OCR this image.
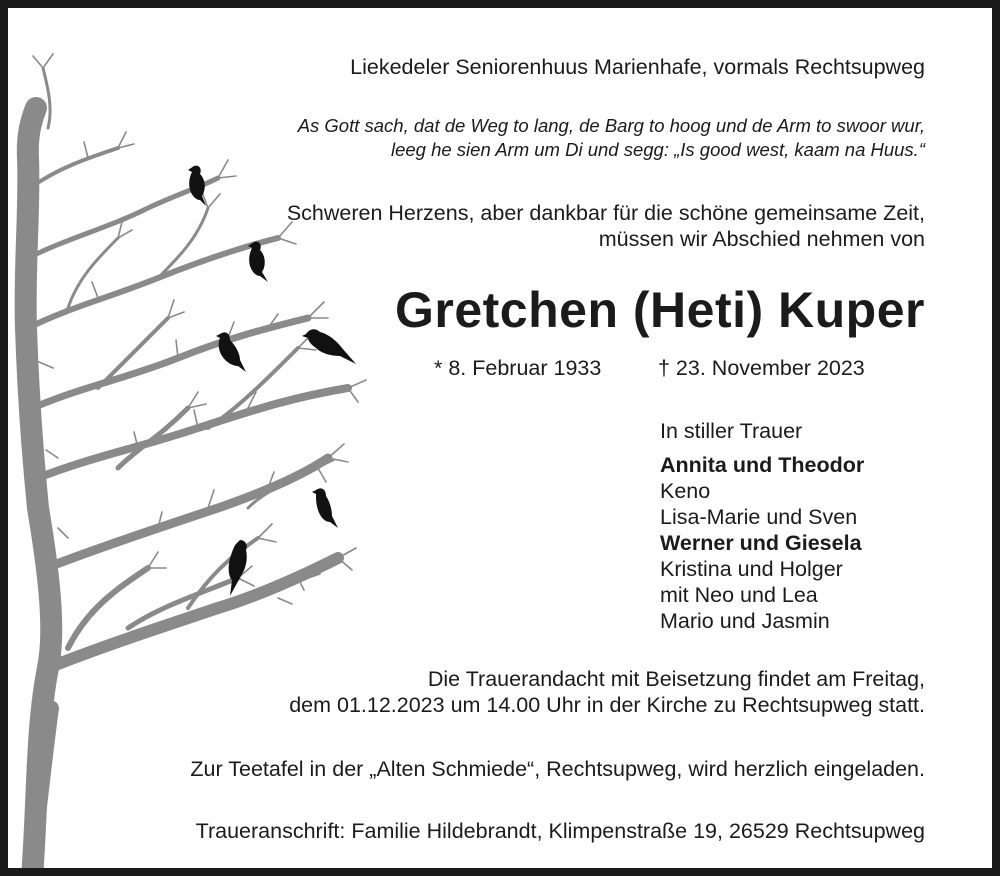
Liekedeler Seniorenhuus Marienhafe, vormals Rechtsupweg
As Gott sach, dat de Weg to lang, de Barg to hoog und de Arm to swoor wur,
leeg he sien Arm um Di und segg: „Is good west, kaam na Huus.“
Schweren Herzens, aber dankbar für die schöne gemeinsame Zeit,
müssen wir Abschied nehmen von
Gretchen (Heti) Kuper
* 8. Februar 1933	† 23. November 2023
In stiller Trauer
Annita und Theodor
Keno
Lisa-Marie und Sven
Werner und Giesela
Kristina und Holger
mit Neo und Lea
Mario und Jasmin
Die Trauerandacht mit Beisetzung findet am Freitag,
dem 01.12.2023 um 14.00 Uhr in der Kirche zu Rechtsupweg statt.
Zur Teetafel in der „Alten Schmiede“, Rechtsupweg, wird herzlich eingeladen.
Traueranschrift: Familie Hildebrandt, Klimpenstraße 19, 26529 Rechtsupweg
